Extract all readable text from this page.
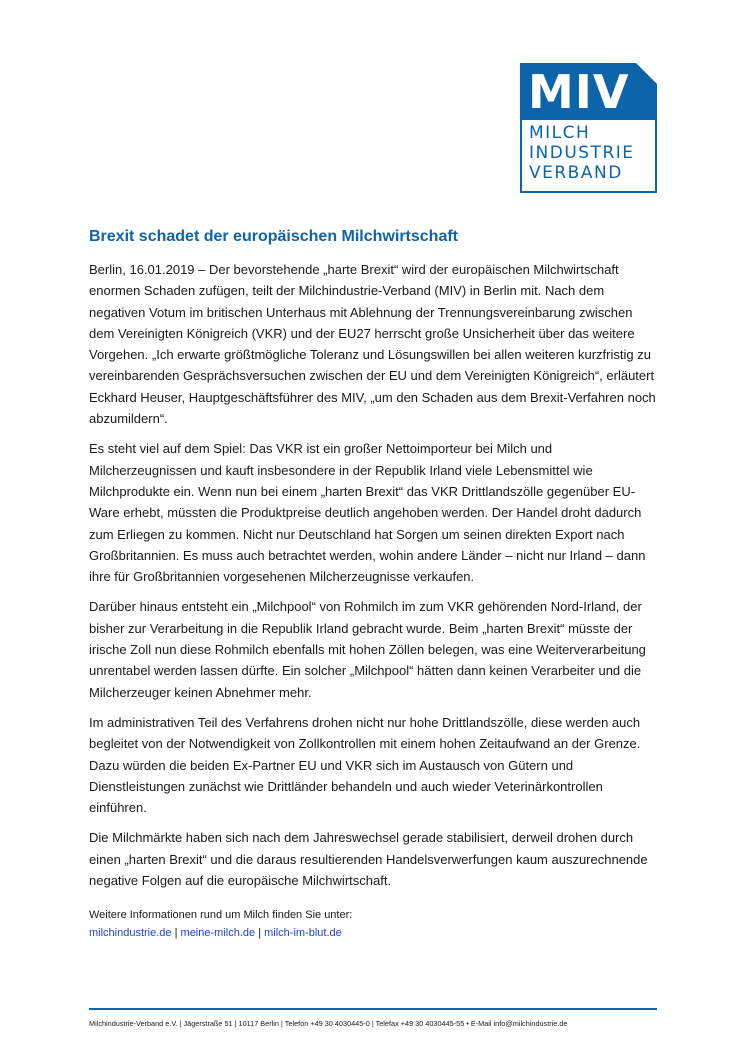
MIV
MILCH
INDUSTRIE
VERBAND
Brexit schadet der europäischen Milchwirtschaft

Berlin, 16.01.2019 – Der bevorstehende „harte Brexit“ wird der europäischen Milchwirtschaft enormen Schaden zufügen, teilt der Milchindustrie-Verband (MIV) in Berlin mit. Nach dem negativen Votum im britischen Unterhaus mit Ablehnung der Trennungsvereinbarung zwischen dem Vereinigten Königreich (VKR) und der EU27 herrscht große Unsicherheit über das weitere Vorgehen. „Ich erwarte größtmögliche Toleranz und Lösungswillen bei allen weiteren kurzfristig zu vereinbarenden Gesprächsversuchen zwischen der EU und dem Vereinigten Königreich“, erläutert Eckhard Heuser, Hauptgeschäftsführer des MIV, „um den Schaden aus dem Brexit-Verfahren noch abzumildern“.

Es steht viel auf dem Spiel: Das VKR ist ein großer Nettoimporteur bei Milch und Milcherzeugnissen und kauft insbesondere in der Republik Irland viele Lebensmittel wie Milchprodukte ein. Wenn nun bei einem „harten Brexit“ das VKR Drittlandszölle gegenüber EU-Ware erhebt, müssten die Produktpreise deutlich angehoben werden. Der Handel droht dadurch zum Erliegen zu kommen. Nicht nur Deutschland hat Sorgen um seinen direkten Export nach Großbritannien. Es muss auch betrachtet werden, wohin andere Länder – nicht nur Irland – dann ihre für Großbritannien vorgesehenen Milcherzeugnisse verkaufen.

Darüber hinaus entsteht ein „Milchpool“ von Rohmilch im zum VKR gehörenden Nord-Irland, der bisher zur Verarbeitung in die Republik Irland gebracht wurde. Beim „harten Brexit“ müsste der irische Zoll nun diese Rohmilch ebenfalls mit hohen Zöllen belegen, was eine Weiterverarbeitung unrentabel werden lassen dürfte. Ein solcher „Milchpool“ hätten dann keinen Verarbeiter und die Milcherzeuger keinen Abnehmer mehr.

Im administrativen Teil des Verfahrens drohen nicht nur hohe Drittlandszölle, diese werden auch begleitet von der Notwendigkeit von Zollkontrollen mit einem hohen Zeitaufwand an der Grenze. Dazu würden die beiden Ex-Partner EU und VKR sich im Austausch von Gütern und Dienstleistungen zunächst wie Drittländer behandeln und auch wieder Veterinärkontrollen einführen.

Die Milchmärkte haben sich nach dem Jahreswechsel gerade stabilisiert, derweil drohen durch einen „harten Brexit“ und die daraus resultierenden Handelsverwerfungen kaum auszurechnende negative Folgen auf die europäische Milchwirtschaft.

Weitere Informationen rund um Milch finden Sie unter:
milchindustrie.de | meine-milch.de | milch-im-blut.de
Milchindustrie-Verband e.V. | Jägerstraße 51 | 10117 Berlin | Telefon +49 30 4030445-0 | Telefax +49 30 4030445-55 • E-Mail info@milchindustrie.de
